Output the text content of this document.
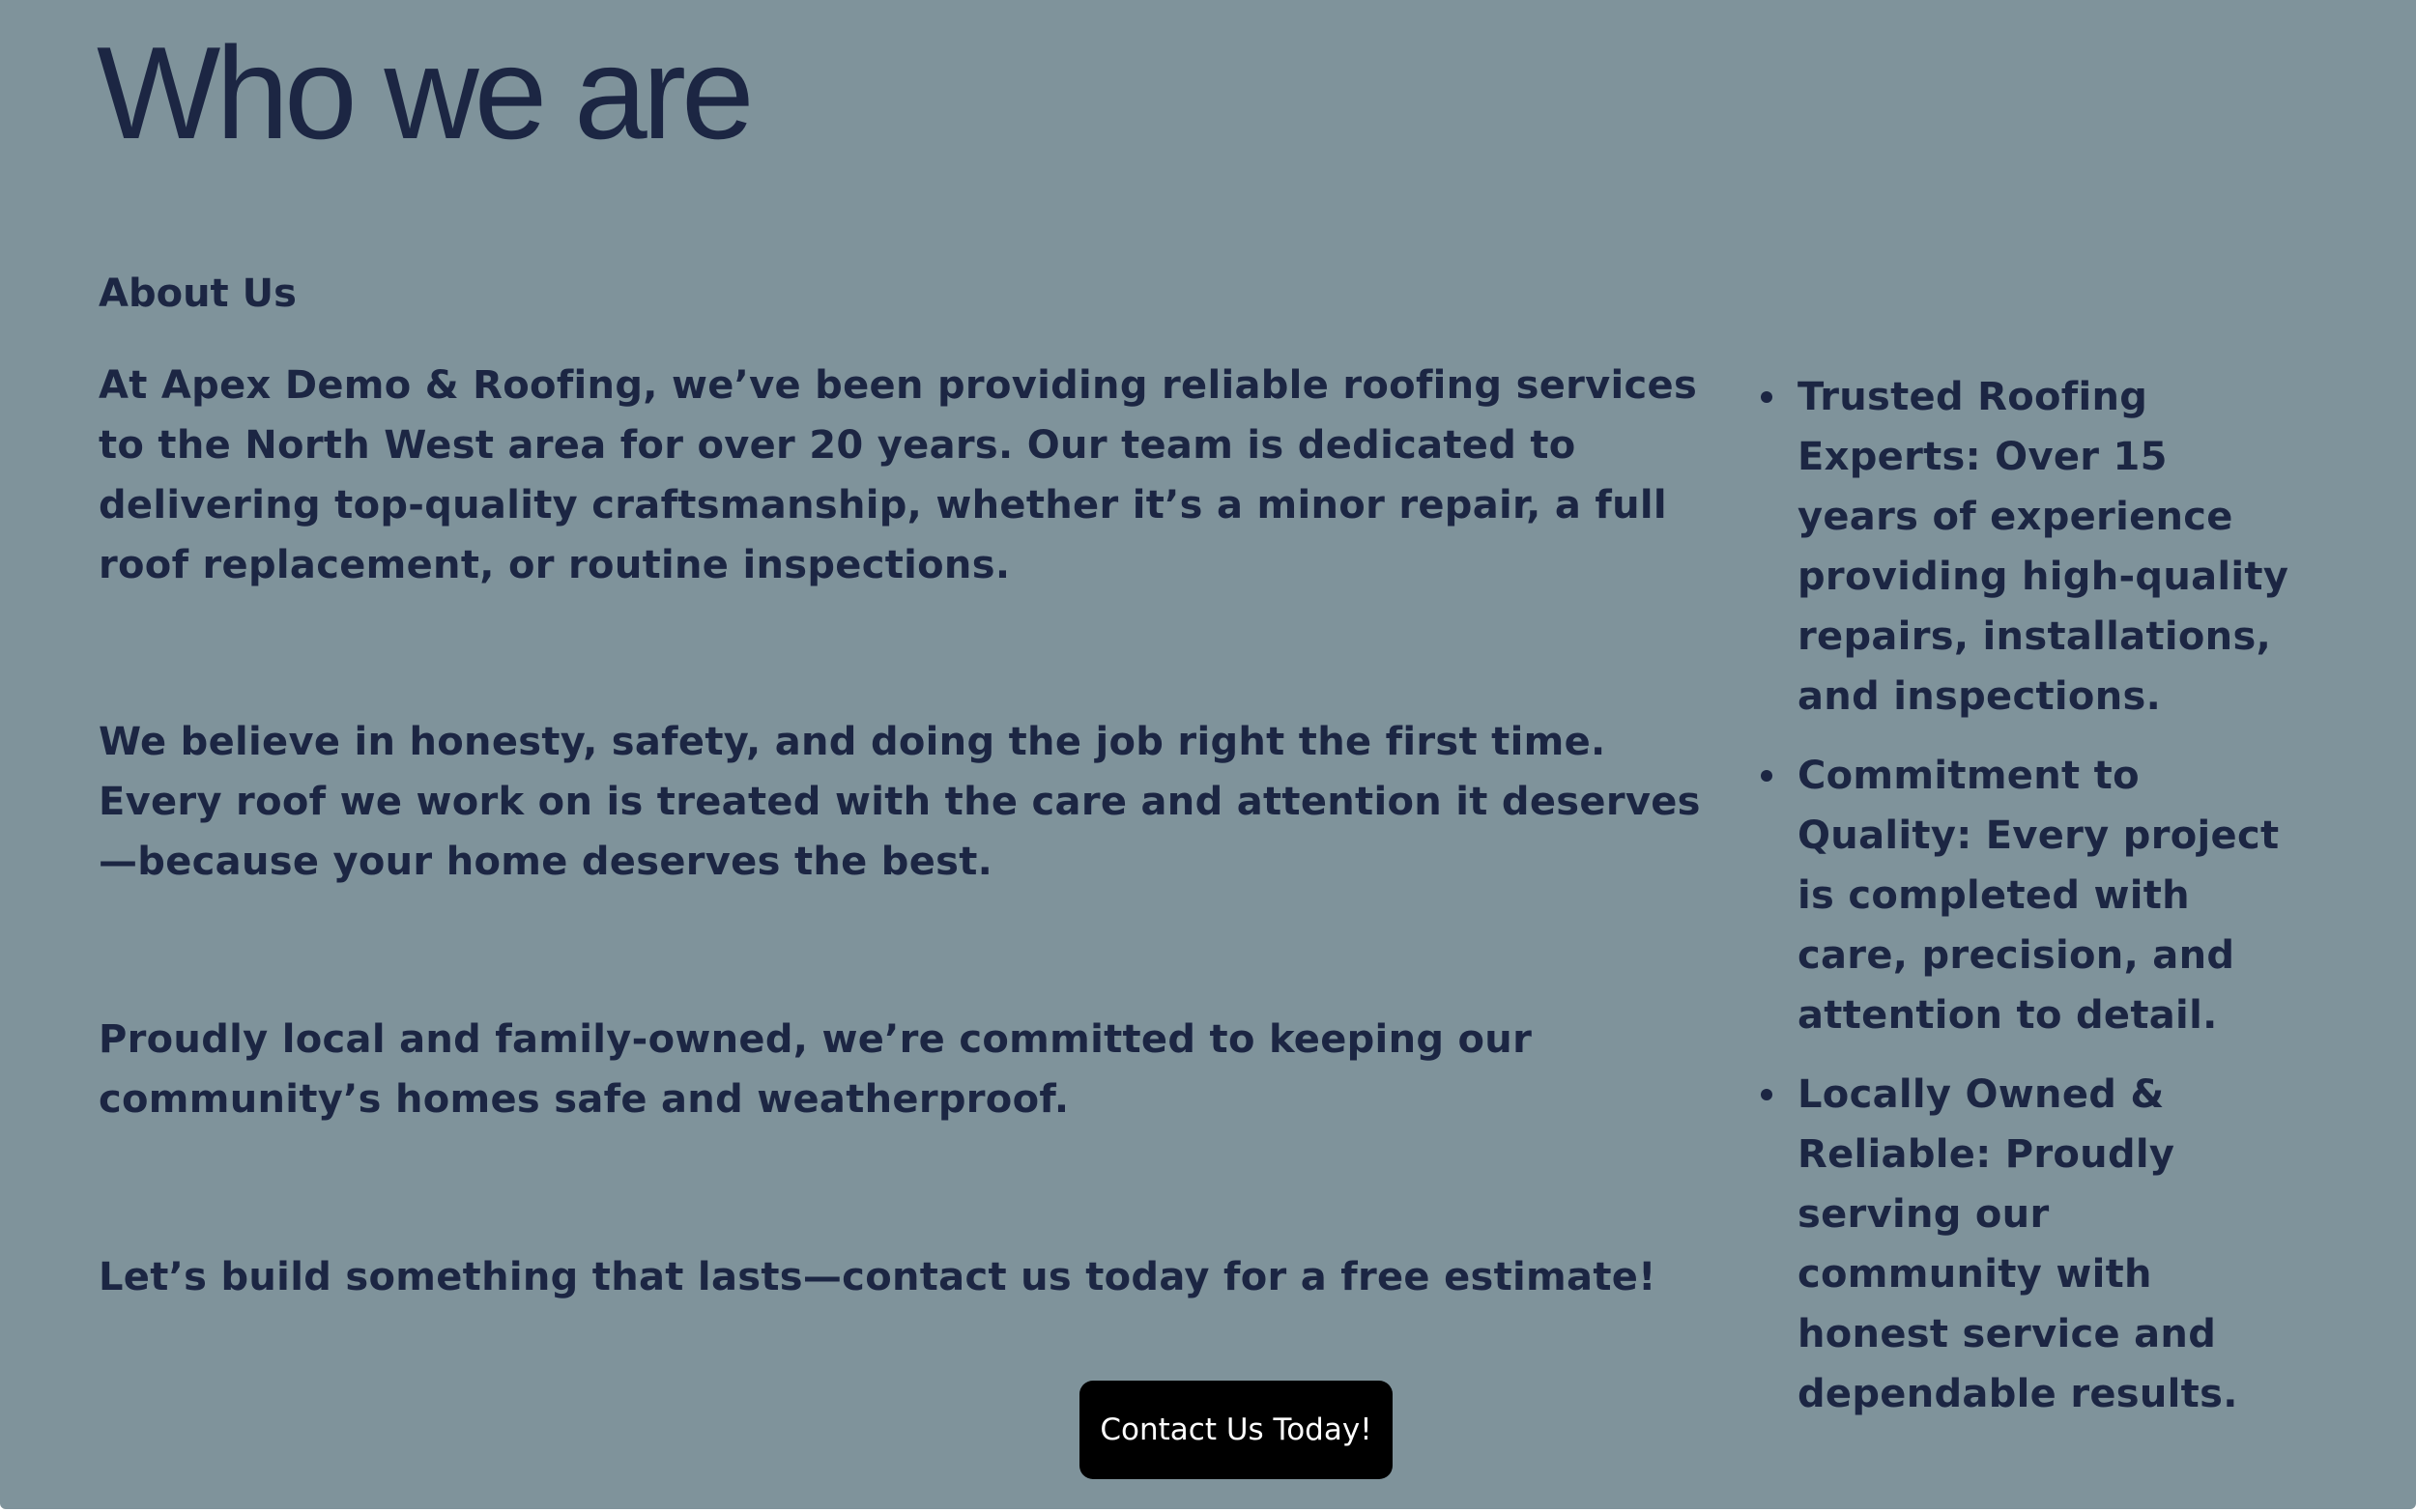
Who we are
About Us

At Apex Demo & Roofing, we’ve been providing reliable roofing services to the North West area for over 20 years. Our team is dedicated to delivering top-quality craftsmanship, whether it’s a minor repair, a full roof replacement, or routine inspections.

We believe in honesty, safety, and doing the job right the first time. Every roof we work on is treated with the care and attention it deserves—because your home deserves the best.

Proudly local and family-owned, we’re committed to keeping our community’s homes safe and weatherproof.

Let’s build something that lasts—contact us today for a free estimate!

Trusted Roofing Experts: Over 15 years of experience providing high-quality repairs, installations, and inspections.
Commitment to Quality: Every project is completed with care, precision, and attention to detail.
Locally Owned & Reliable: Proudly serving our community with honest service and dependable results.
Contact Us Today!
